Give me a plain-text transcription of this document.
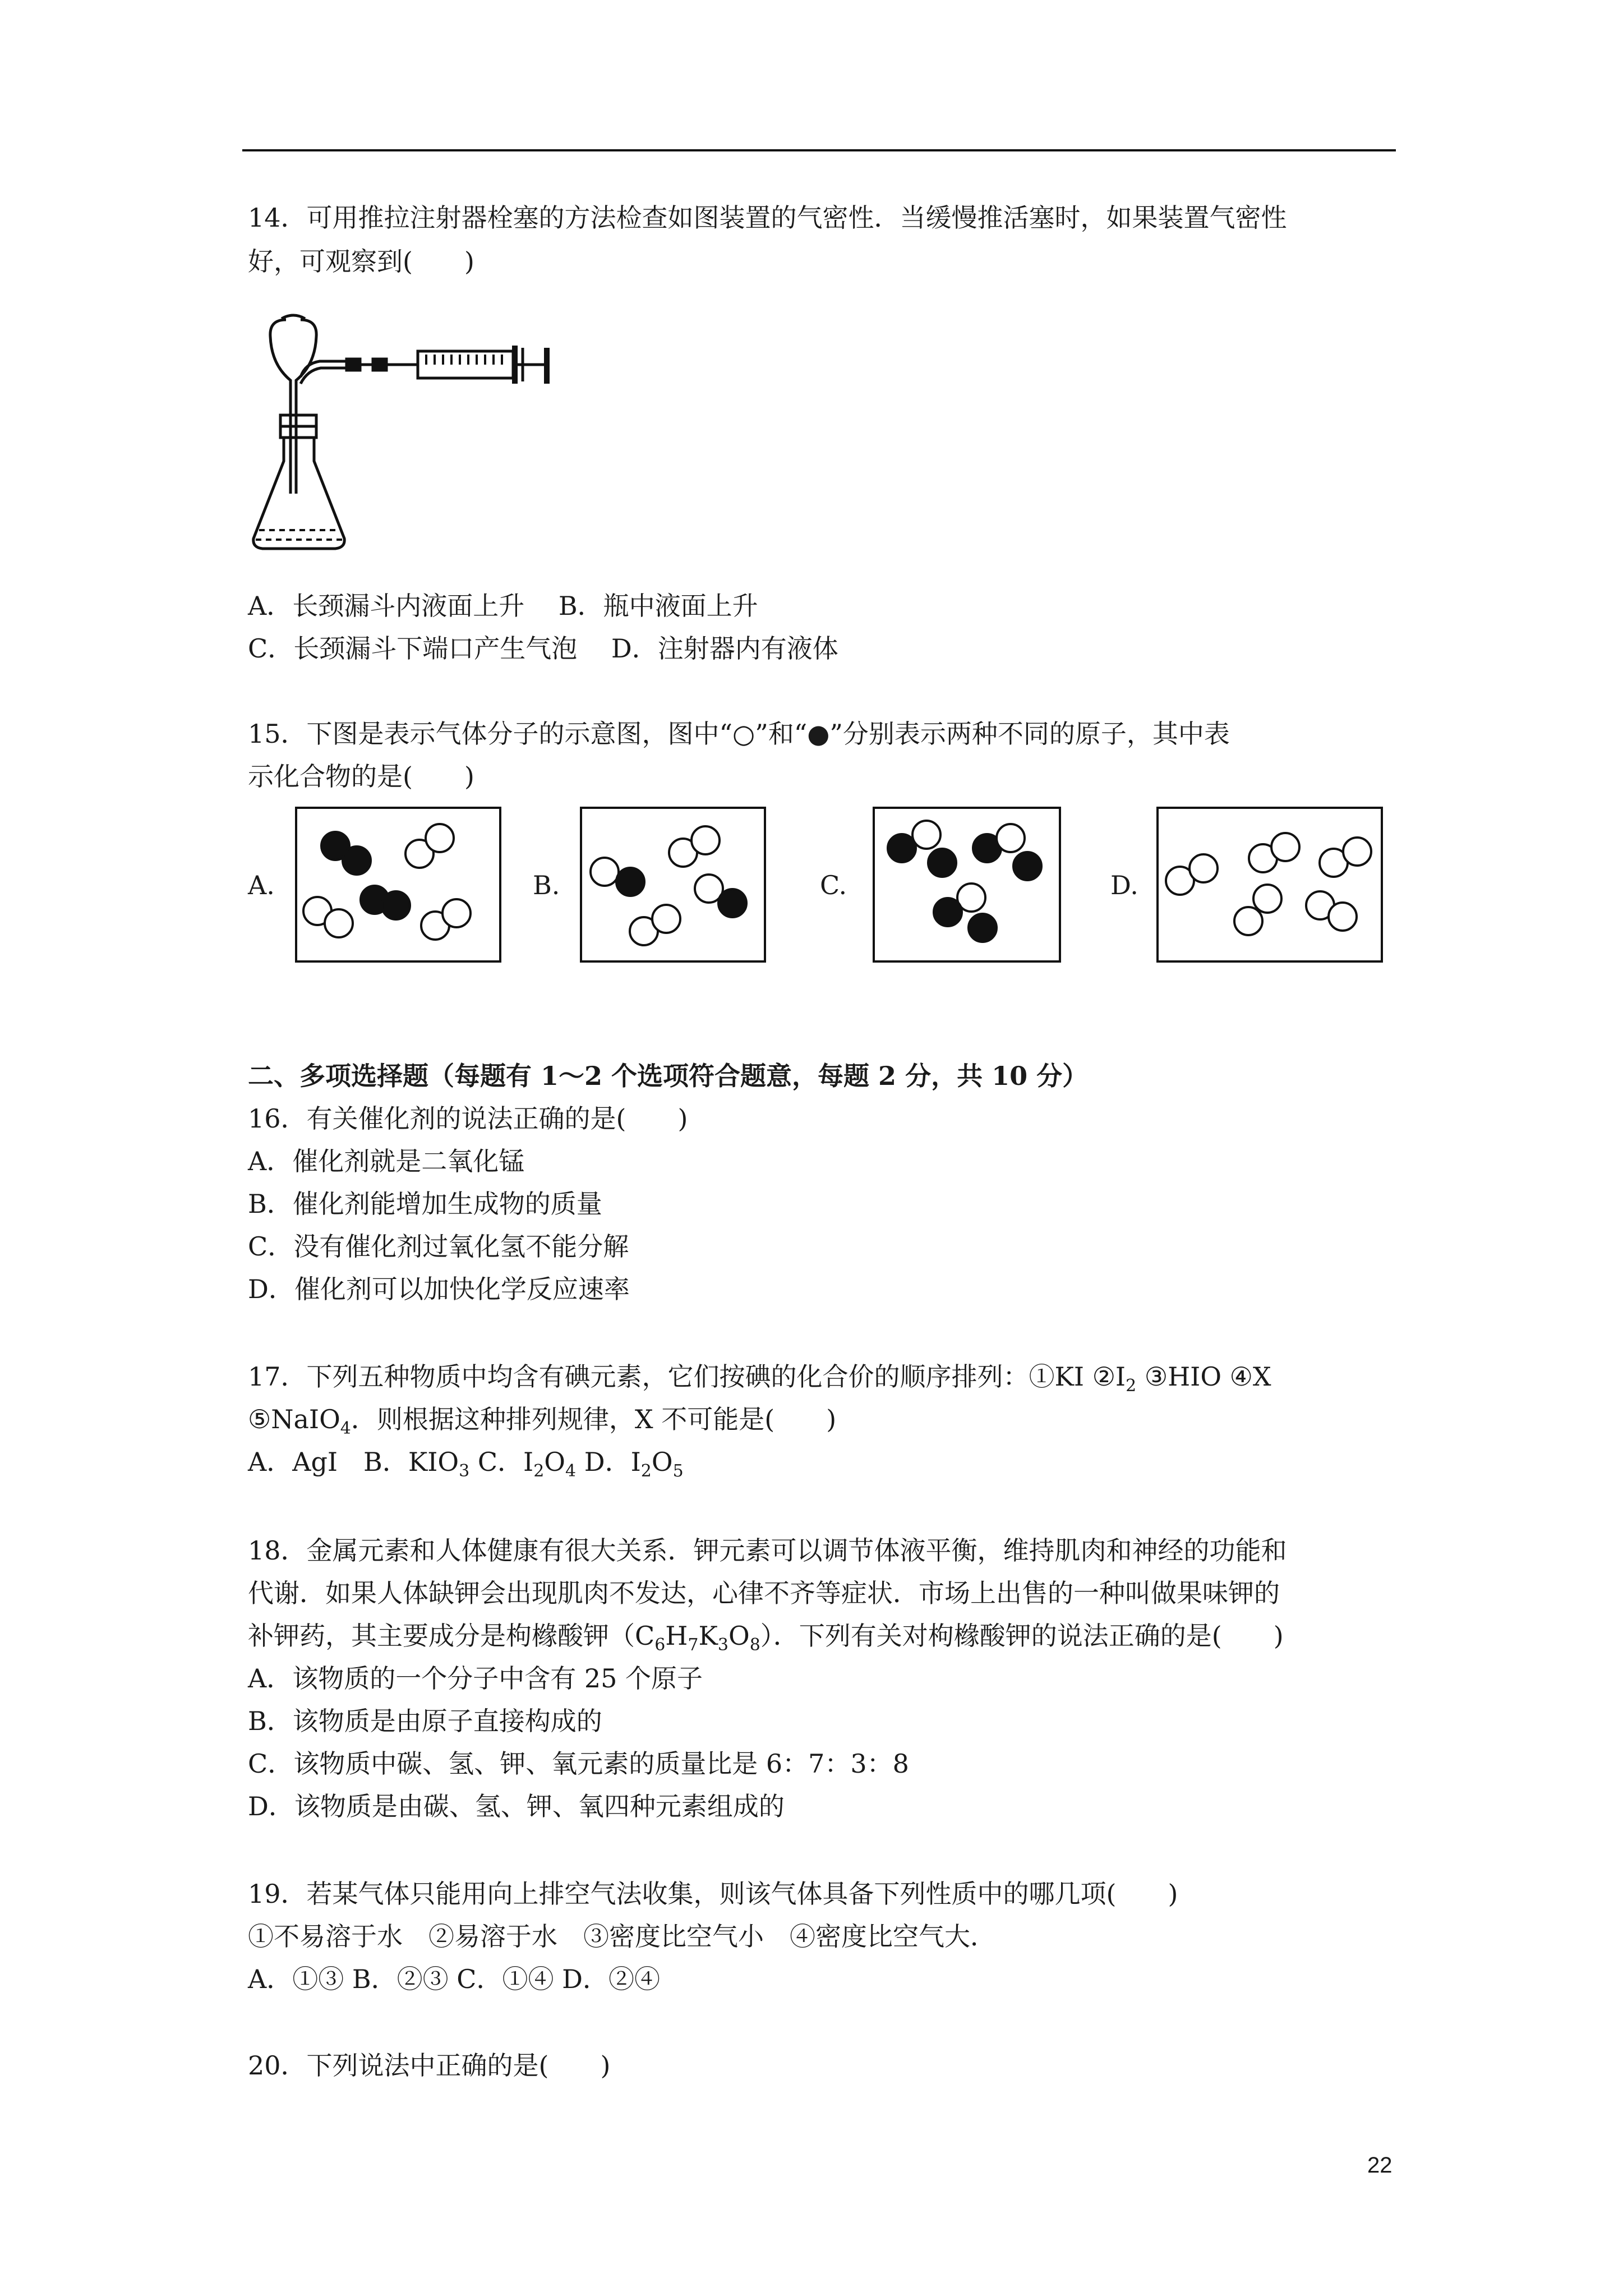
14．可用推拉注射器栓塞的方法检查如图装置的气密性．当缓慢推活塞时，如果装置气密性
好，可观察到(　　)
A．长颈漏斗内液面上升　 B．瓶中液面上升
C．长颈漏斗下端口产生气泡　 D．注射器内有液体
15．下图是表示气体分子的示意图，图中“○”和“●”分别表示两种不同的原子，其中表
示化合物的是(　　)
A.	B.	C.	D.
二、多项选择题（每题有 1～2 个选项符合题意，每题 2 分，共 10 分）
16．有关催化剂的说法正确的是(　　)
A．催化剂就是二氧化锰
B．催化剂能增加生成物的质量
C．没有催化剂过氧化氢不能分解
D．催化剂可以加快化学反应速率
17．下列五种物质中均含有碘元素，它们按碘的化合价的顺序排列：①KI $②I_2$ ③HIO ④X
⑤NaIO$_4$．则根据这种排列规律，X 不可能是(　　)
A．AgI　B．$KIO_3$ C．$I_2O_4$ D．$I_2O_5$
18．金属元素和人体健康有很大关系．钾元素可以调节体液平衡，维持肌肉和神经的功能和
代谢．如果人体缺钾会出现肌肉不发达，心律不齐等症状．市场上出售的一种叫做果味钾的
补钾药，其主要成分是枸橼酸钾$(C_6H_7K_3O_8)$．下列有关对枸橼酸钾的说法正确的是(　　)
A．该物质的一个分子中含有 25 个原子
B．该物质是由原子直接构成的
C．该物质中碳、氢、钾、氧元素的质量比是 6：7：3：8
D．该物质是由碳、氢、钾、氧四种元素组成的
19．若某气体只能用向上排空气法收集，则该气体具备下列性质中的哪几项(　　)
①不易溶于水　②易溶于水　③密度比空气小　④密度比空气大．
A．①③ B．②③ C．①④ D．②④
20．下列说法中正确的是(　　)
22
